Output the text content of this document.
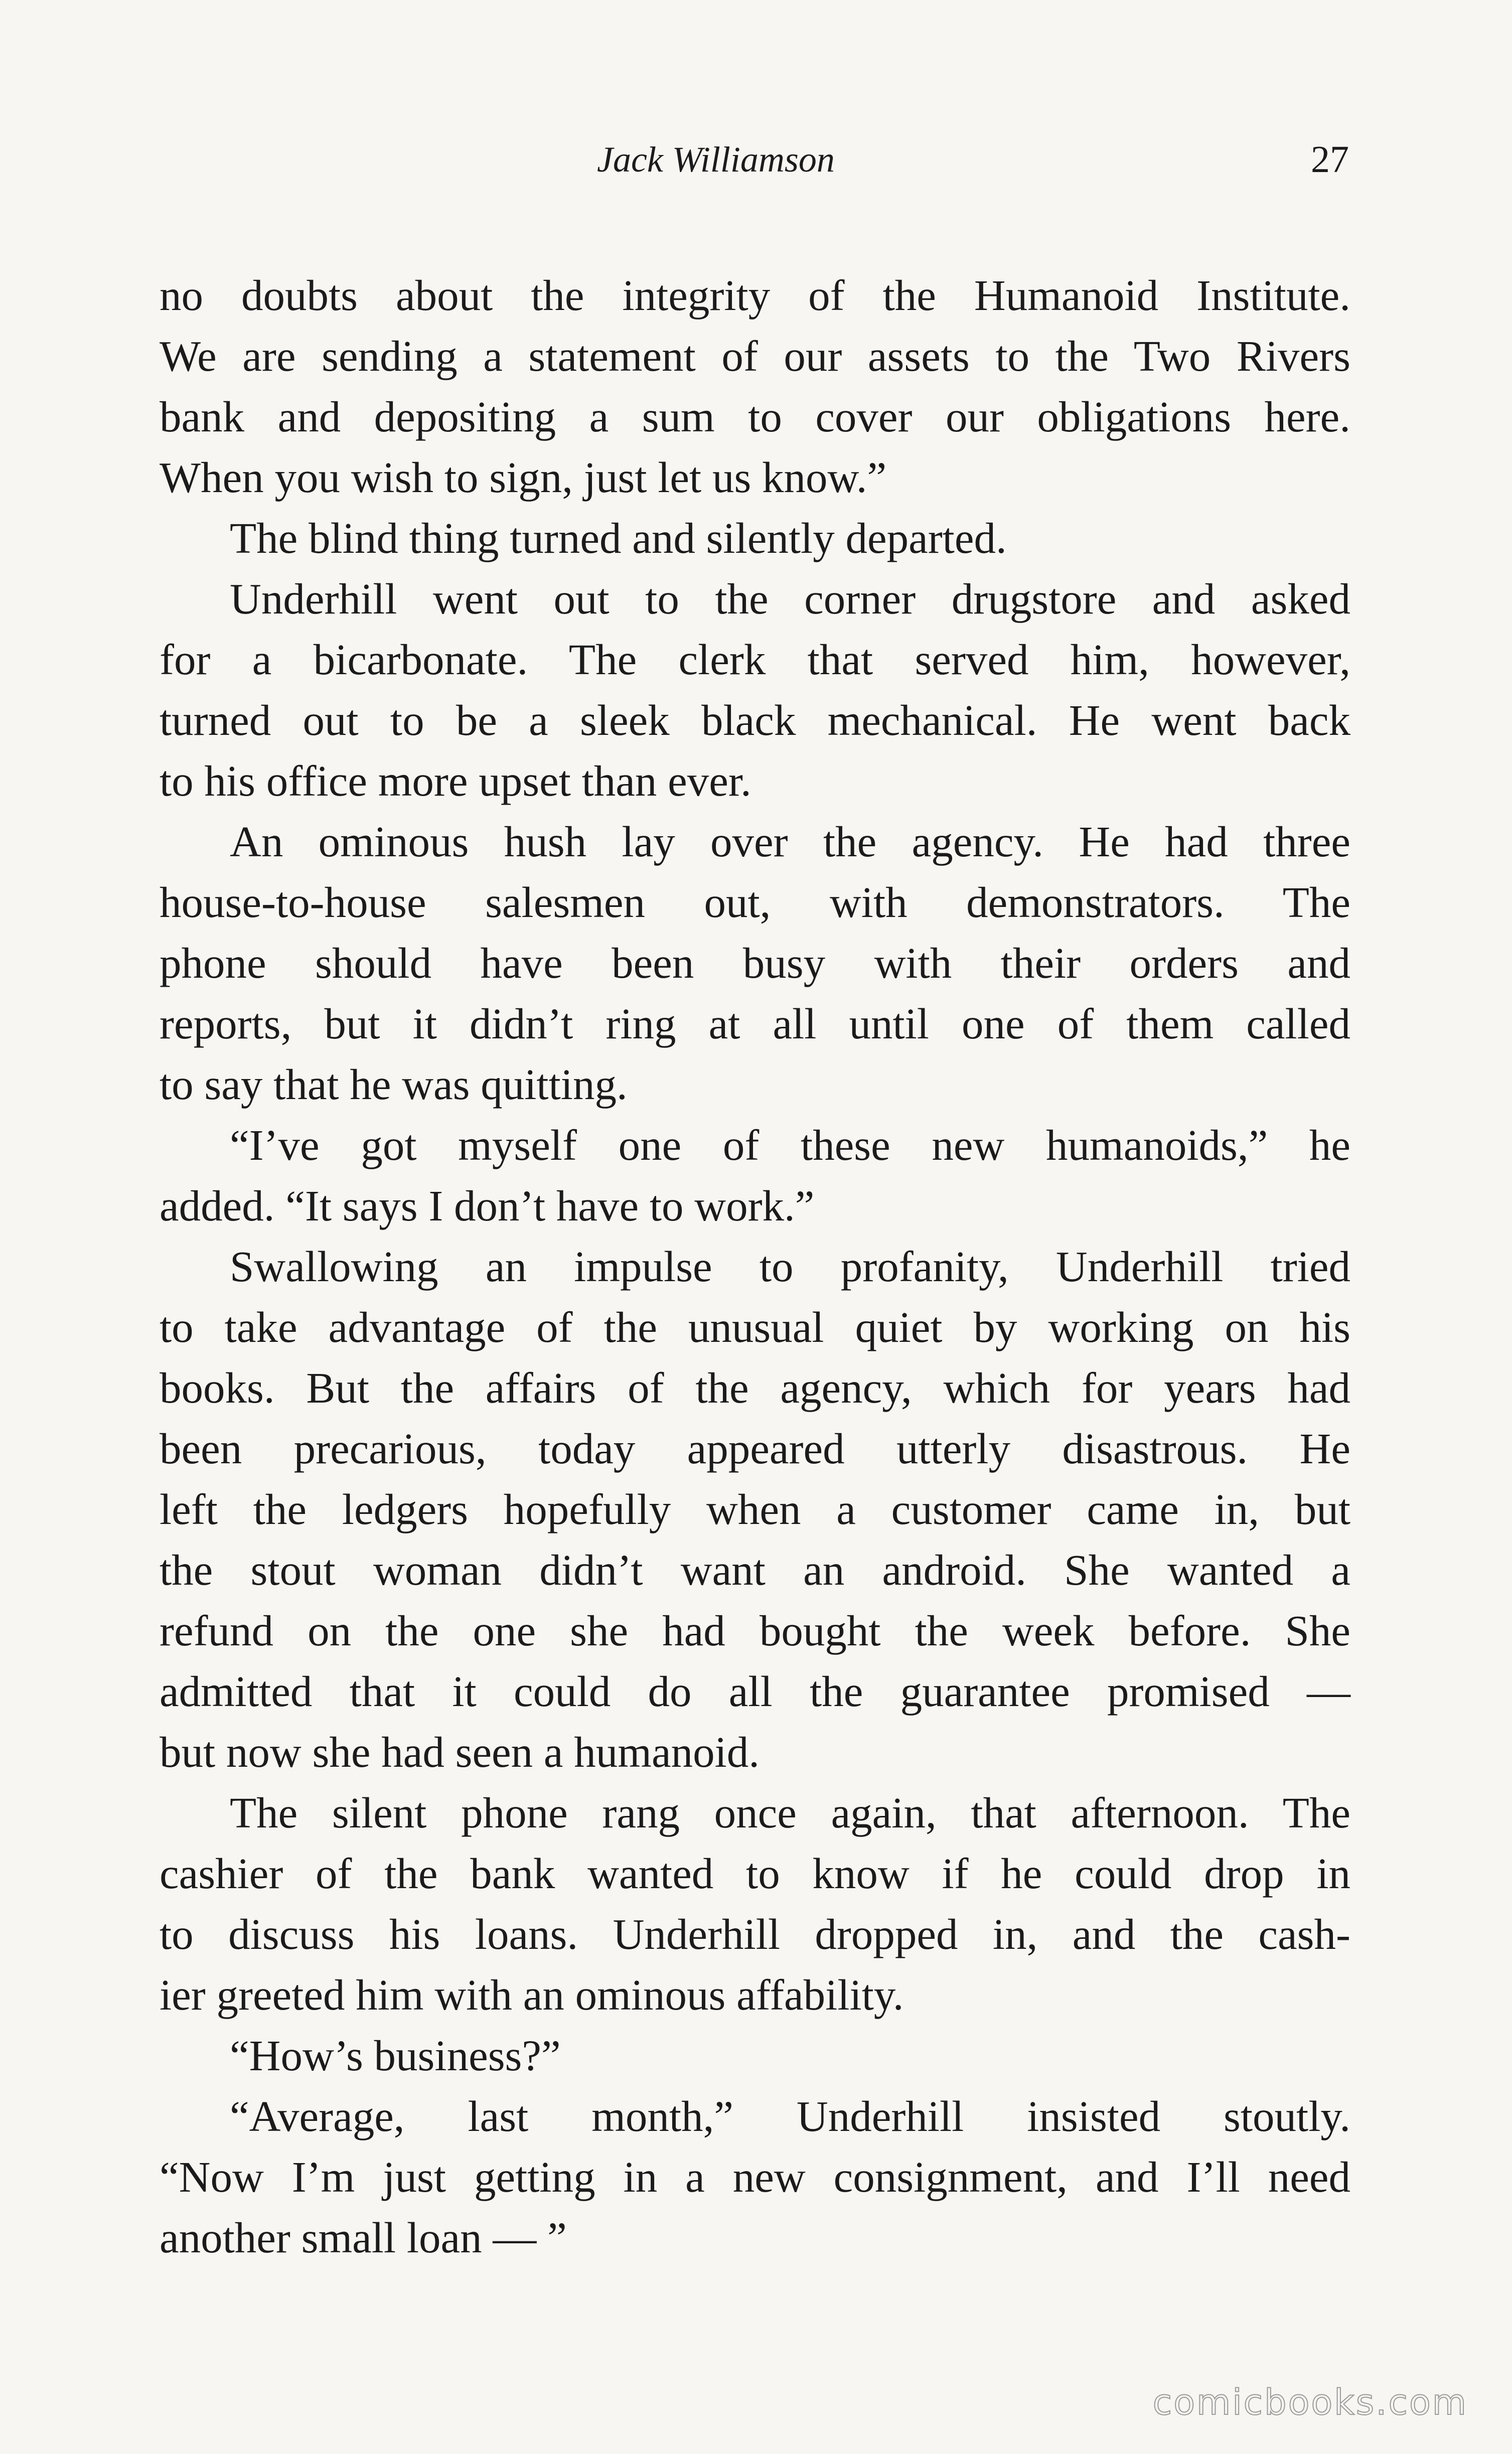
Jack Williamson	27
no doubts about the integrity of the Humanoid Institute.
We are sending a statement of our assets to the Two Rivers
bank and depositing a sum to cover our obligations here.
When you wish to sign, just let us know.”
The blind thing turned and silently departed.
Underhill went out to the corner drugstore and asked
for a bicarbonate. The clerk that served him, however,
turned out to be a sleek black mechanical. He went back
to his office more upset than ever.
An ominous hush lay over the agency. He had three
house-to-house salesmen out, with demonstrators. The
phone should have been busy with their orders and
reports, but it didn’t ring at all until one of them called
to say that he was quitting.
“I’ve got myself one of these new humanoids,” he
added. “It says I don’t have to work.”
Swallowing an impulse to profanity, Underhill tried
to take advantage of the unusual quiet by working on his
books. But the affairs of the agency, which for years had
been precarious, today appeared utterly disastrous. He
left the ledgers hopefully when a customer came in, but
the stout woman didn’t want an android. She wanted a
refund on the one she had bought the week before. She
admitted that it could do all the guarantee promised —
but now she had seen a humanoid.
The silent phone rang once again, that afternoon. The
cashier of the bank wanted to know if he could drop in
to discuss his loans. Underhill dropped in, and the cash-
ier greeted him with an ominous affability.
“How’s business?”
“Average, last month,” Underhill insisted stoutly.
“Now I’m just getting in a new consignment, and I’ll need
another small loan — ”
comicbooks.com
